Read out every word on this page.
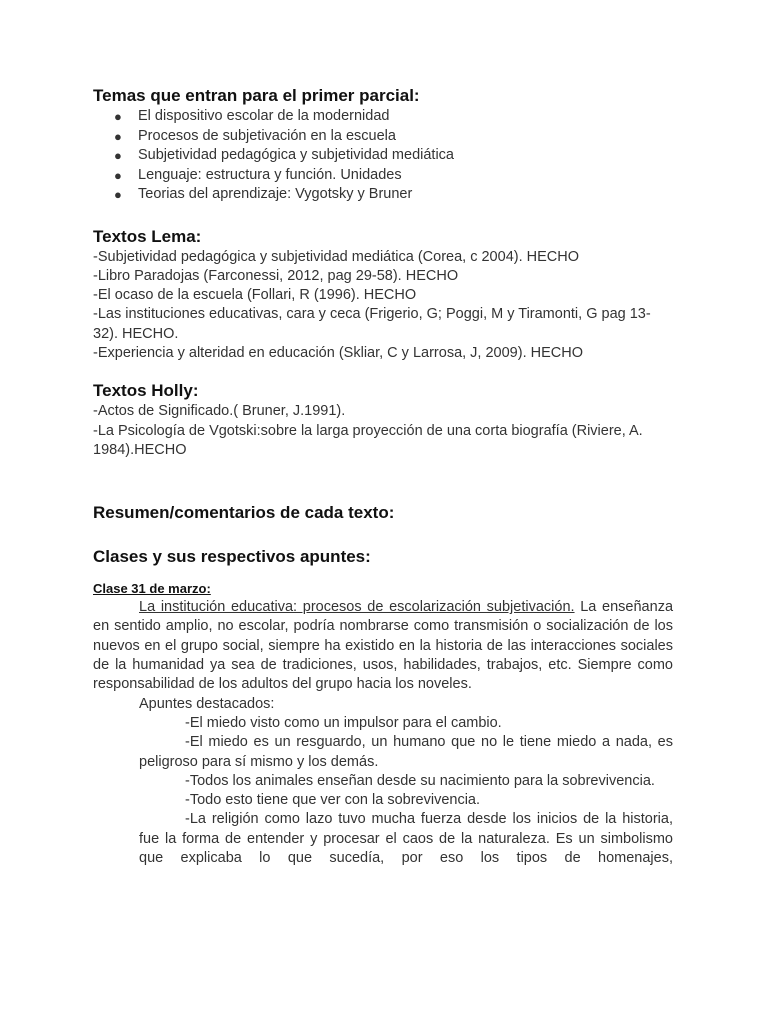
Temas que entran para el primer parcial:
● El dispositivo escolar de la modernidad
● Procesos de subjetivación en la escuela
● Subjetividad pedagógica y subjetividad mediática
● Lenguaje: estructura y función. Unidades
● Teorias del aprendizaje: Vygotsky y Bruner
Textos Lema:

-Subjetividad pedagógica y subjetividad mediática (Corea, c 2004). HECHO

-Libro Paradojas (Farconessi, 2012, pag 29-58). HECHO

-El ocaso de la escuela (Follari, R (1996). HECHO

-Las instituciones educativas, cara y ceca (Frigerio, G; Poggi, M y Tiramonti, G pag 13-32). HECHO.

-Experiencia y alteridad en educación (Skliar, C y Larrosa, J, 2009). HECHO

Textos Holly:

-Actos de Significado.( Bruner, J.1991).

-La Psicología de Vgotski:sobre la larga proyección de una corta biografía (Riviere, A. 1984).HECHO

Resumen/comentarios de cada texto:
Clases y sus respectivos apuntes:
Clase 31 de marzo:

La institución educativa: procesos de escolarización subjetivación. La enseñanza en sentido amplio, no escolar, podría nombrarse como transmisión o socialización de los nuevos en el grupo social, siempre ha existido en la historia de las interacciones sociales de la humanidad ya sea de tradiciones, usos, habilidades, trabajos, etc. Siempre como responsabilidad de los adultos del grupo hacia los noveles.

Apuntes destacados:

-El miedo visto como un impulsor para el cambio.

-El miedo es un resguardo, un humano que no le tiene miedo a nada, es peligroso para sí mismo y los demás.

-Todos los animales enseñan desde su nacimiento para la sobrevivencia.

-Todo esto tiene que ver con la sobrevivencia.

-La religión como lazo tuvo mucha fuerza desde los inicios de la historia, fue la forma de entender y procesar el caos de la naturaleza. Es un simbolismo que explicaba lo que sucedía, por eso los tipos de homenajes,
